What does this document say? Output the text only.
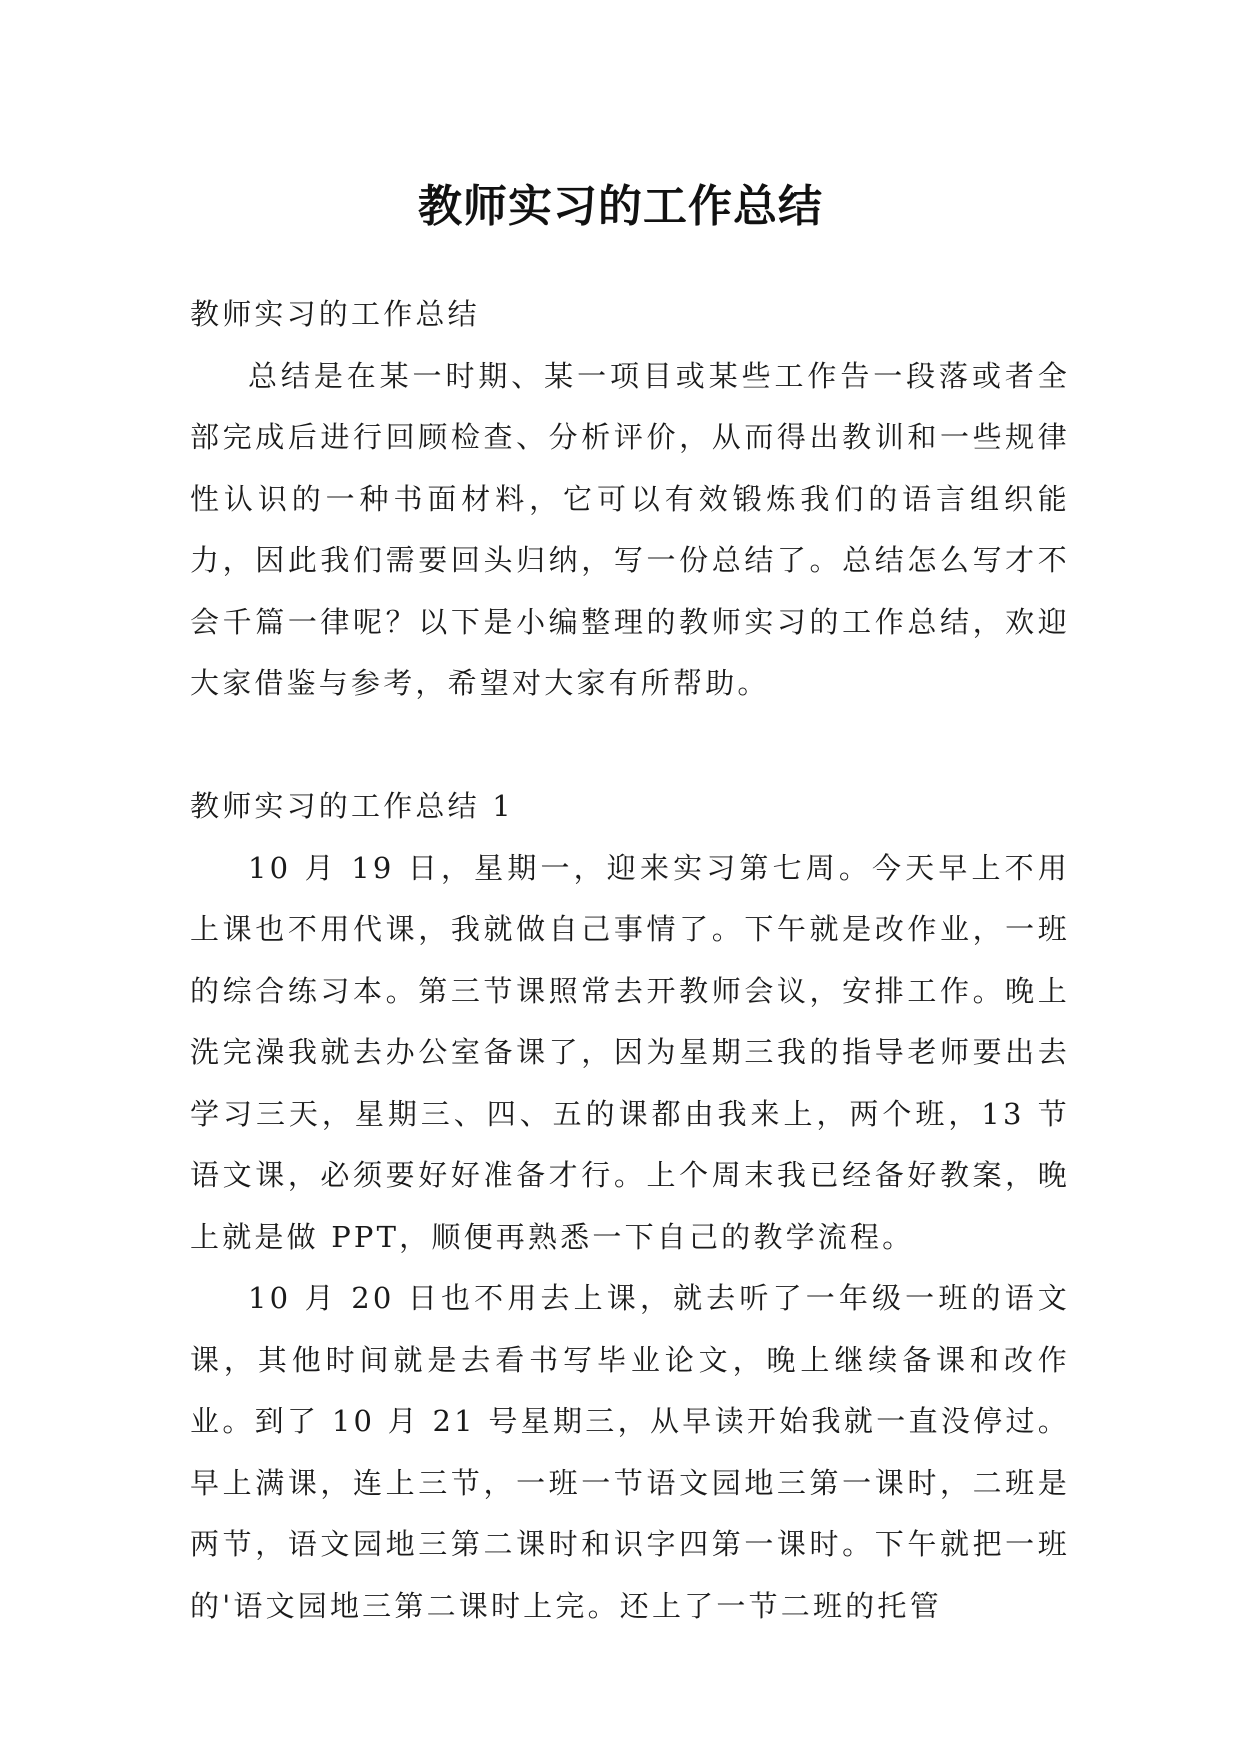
教师实习的工作总结
教师实习的工作总结

总结是在某一时期、某一项目或某些工作告一段落或者全部完成后进行回顾检查、分析评价，从而得出教训和一些规律性认识的一种书面材料，它可以有效锻炼我们的语言组织能力，因此我们需要回头归纳，写一份总结了。总结怎么写才不会千篇一律呢？以下是小编整理的教师实习的工作总结，欢迎大家借鉴与参考，希望对大家有所帮助。

教师实习的工作总结 1

10 月 19 日，星期一，迎来实习第七周。今天早上不用上课也不用代课，我就做自己事情了。下午就是改作业，一班的综合练习本。第三节课照常去开教师会议，安排工作。晚上洗完澡我就去办公室备课了，因为星期三我的指导老师要出去学习三天，星期三、四、五的课都由我来上，两个班，13 节语文课，必须要好好准备才行。上个周末我已经备好教案，晚上就是做 PPT，顺便再熟悉一下自己的教学流程。

10 月 20 日也不用去上课，就去听了一年级一班的语文课，其他时间就是去看书写毕业论文，晚上继续备课和改作业。到了 10 月 21 号星期三，从早读开始我就一直没停过。早上满课，连上三节，一班一节语文园地三第一课时，二班是两节，语文园地三第二课时和识字四第一课时。下午就把一班的'语文园地三第二课时上完。还上了一节二班的托管
